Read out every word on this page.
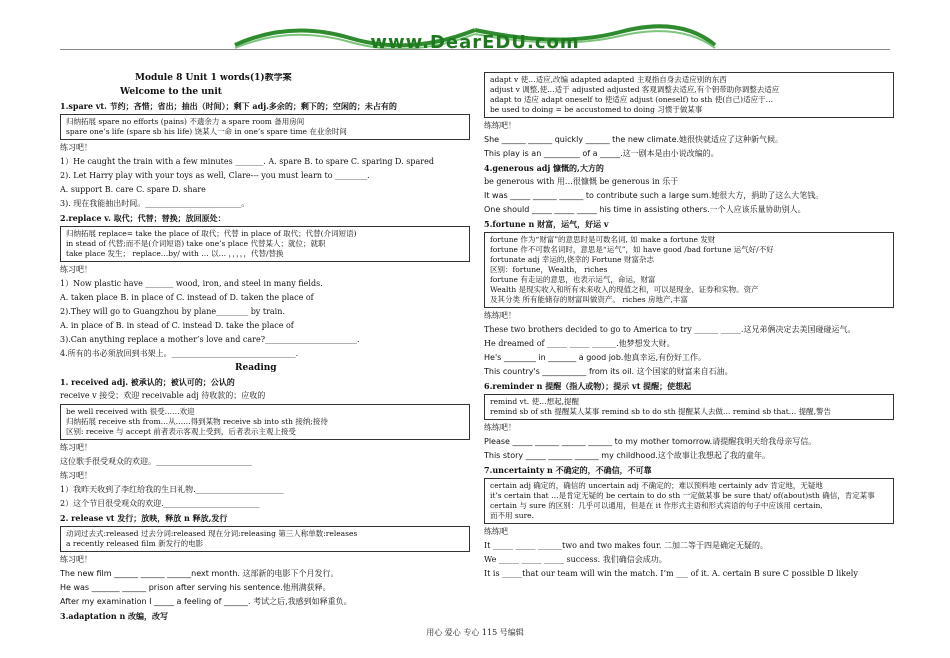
www.DearEDU.com
Module 8 Unit 1 words(1)教学案
Welcome to the unit
1.spare vt. 节约；吝惜；省出；抽出（时间）；剩下 adj.多余的；剩下的；空闲的；未占有的
归纳拓展 spare no efforts (pains) 不遗余力 a spare room 备用房间
spare one’s life (spare sb his life) 饶某人一命 in one’s spare time 在业余时间
练习吧！
1）He caught the train with a few minutes _______. A. spare B. to spare C. sparing D. spared
2). Let Harry play with your toys as well, Clare--- you must learn to ________.
A. support B. care C. spare D. share
3). 现在我能抽出时间。________________________。
2.replace v. 取代；代替；替换；放回原处：
归纳拓展 replace= take the place of 取代；代替 in place of 取代；代替(介词短语)
in stead of 代替;而不是(介词短语) take one’s place 代替某人；就位；就职
take place 发生； replace…by/ with … 以… ，，，，，代替/替换
练习吧！
1）Now plastic have _______ wood, iron, and steel in many fields.
A. taken place B. in place of C. instead of D. taken the place of
2).They will go to Guangzhou by plane________ by train.
A. in place of B. in stead of C. instead D. take the place of
3).Can anything replace a mother’s love and care?_______________________.
4.所有的书必须放回到书架上。_______________________________.
Reading
1. received adj. 被承认的；被认可的；公认的
receive v 接受；欢迎 receivable adj 待收款的；应收的
be well received with 很受……欢迎
归纳拓展 receive sth from…从……得到某物 receive sb into sth 接纳;接待
区别: receive 与 accept 前者表示客观上受到，后者表示主观上接受
练习吧！
这位歌手很受观众的欢迎。________________________
练习吧！
1）我昨天收到了李红给我的生日礼物.______________________
2）这个节目很受观众的欢迎.________________________
2. release vt 发行；放映，释放 n 释放,发行
动词过去式:released 过去分词:released 现在分词:releasing 第三人称单数:releases
a recently released film 新发行的电影
练习吧！
The new film ______ ______ ______next month. 这部新的电影下个月发行。
He was _______ ______ prison after serving his sentence.他刑满获释。
After my examination I _____ a feeling of ______. 考试之后,我感到如释重负。
3.adaptation n 改编，改写
adapt v 使…适应,改编 adapted adapted 主观指自身去适应别的东西
adjust v 调整,使…适于 adjusted adjusted 客观调整去适应,有个钥带助你调整去适应
adapt to 适应 adapt oneself to 使适应 adjust (oneself) to sth 使(自己)适应于…
be used to doing = be accustomed to doing 习惯于做某事
练练吧！
She ______ ______ quickly ______ the new climate.她很快就适应了这种新气候。
This play is an _________ of a _____.这一剧本是由小说改编的。
4.generous adj 慷慨的,大方的
be generous with 用…很慷慨 be generous in 乐于
It was _____ ______ ______ to contribute such a large sum.她很大方，捐助了这么大笔钱。
One should _____ _____ _____ his time in assisting others.一个人应该乐量协助别人。
5.fortune n 财富，运气，好运 v
fortune 作为“财富”的意思时是可数名词, 如 make a fortune 发财
fortune 作不可数名词时，意思是“运气”，如 have good /bad fortune 运气好/不好
fortunate adj 幸运的,侥幸的 Fortune 财富杂志
区别：fortune，Wealth， riches
fortune 有走运的意思，也表示运气，命运，财富
Wealth 是现实收入和所有未来收入的现值之和，可以是现金、证券和实物。资产
及其分类 所有能储存的财富叫做资产。 riches 房地产,丰富
练练吧！
These two brothers decided to go to America to try ______ _____.这兄弟俩决定去美国碰碰运气。
He dreamed of _____ _____ ______.他梦想发大财。
He's ________ in _______ a good job.他真幸运,有份好工作。
This country's ___________ from its oil. 这个国家的财富来自石油。
6.reminder n 提醒（指人或物）；提示 vt 提醒；使想起
remind vt. 使…想起,提醒
remind sb of sth 提醒某人某事 remind sb to do sth 提醒某人去做… remind sb that… 提醒,警告
练练吧！
Please _____ ______ ______ ______ to my mother tomorrow.请提醒我明天给我母亲写信。
This story _____ ______ ______ my childhood.这个故事让我想起了我的童年。
7.uncertainty n 不确定的，不确信，不可靠
certain adj 确定的，确信的 uncertain adj 不确定的；难以预料地 certainly adv 肯定地，无疑地
it’s certain that …是肯定无疑的 be certain to do sth 一定做某事 be sure that/ of(about)sth 确信，肯定某事
certain 与 sure 的区别：几乎可以通用，但是在 it 作形式主语和形式宾语的句子中应该用 certain,
而不用 sure.
练练吧
It _____ _____ ______two and two makes four. 二加二等于四是确定无疑的。
We _____ _____ _____ success. 我们确信会成功。
It is _____that our team will win the match. I’m ___ of it. A. certain B sure C possible D likely
用心 爱心 专心 115 号编辑
